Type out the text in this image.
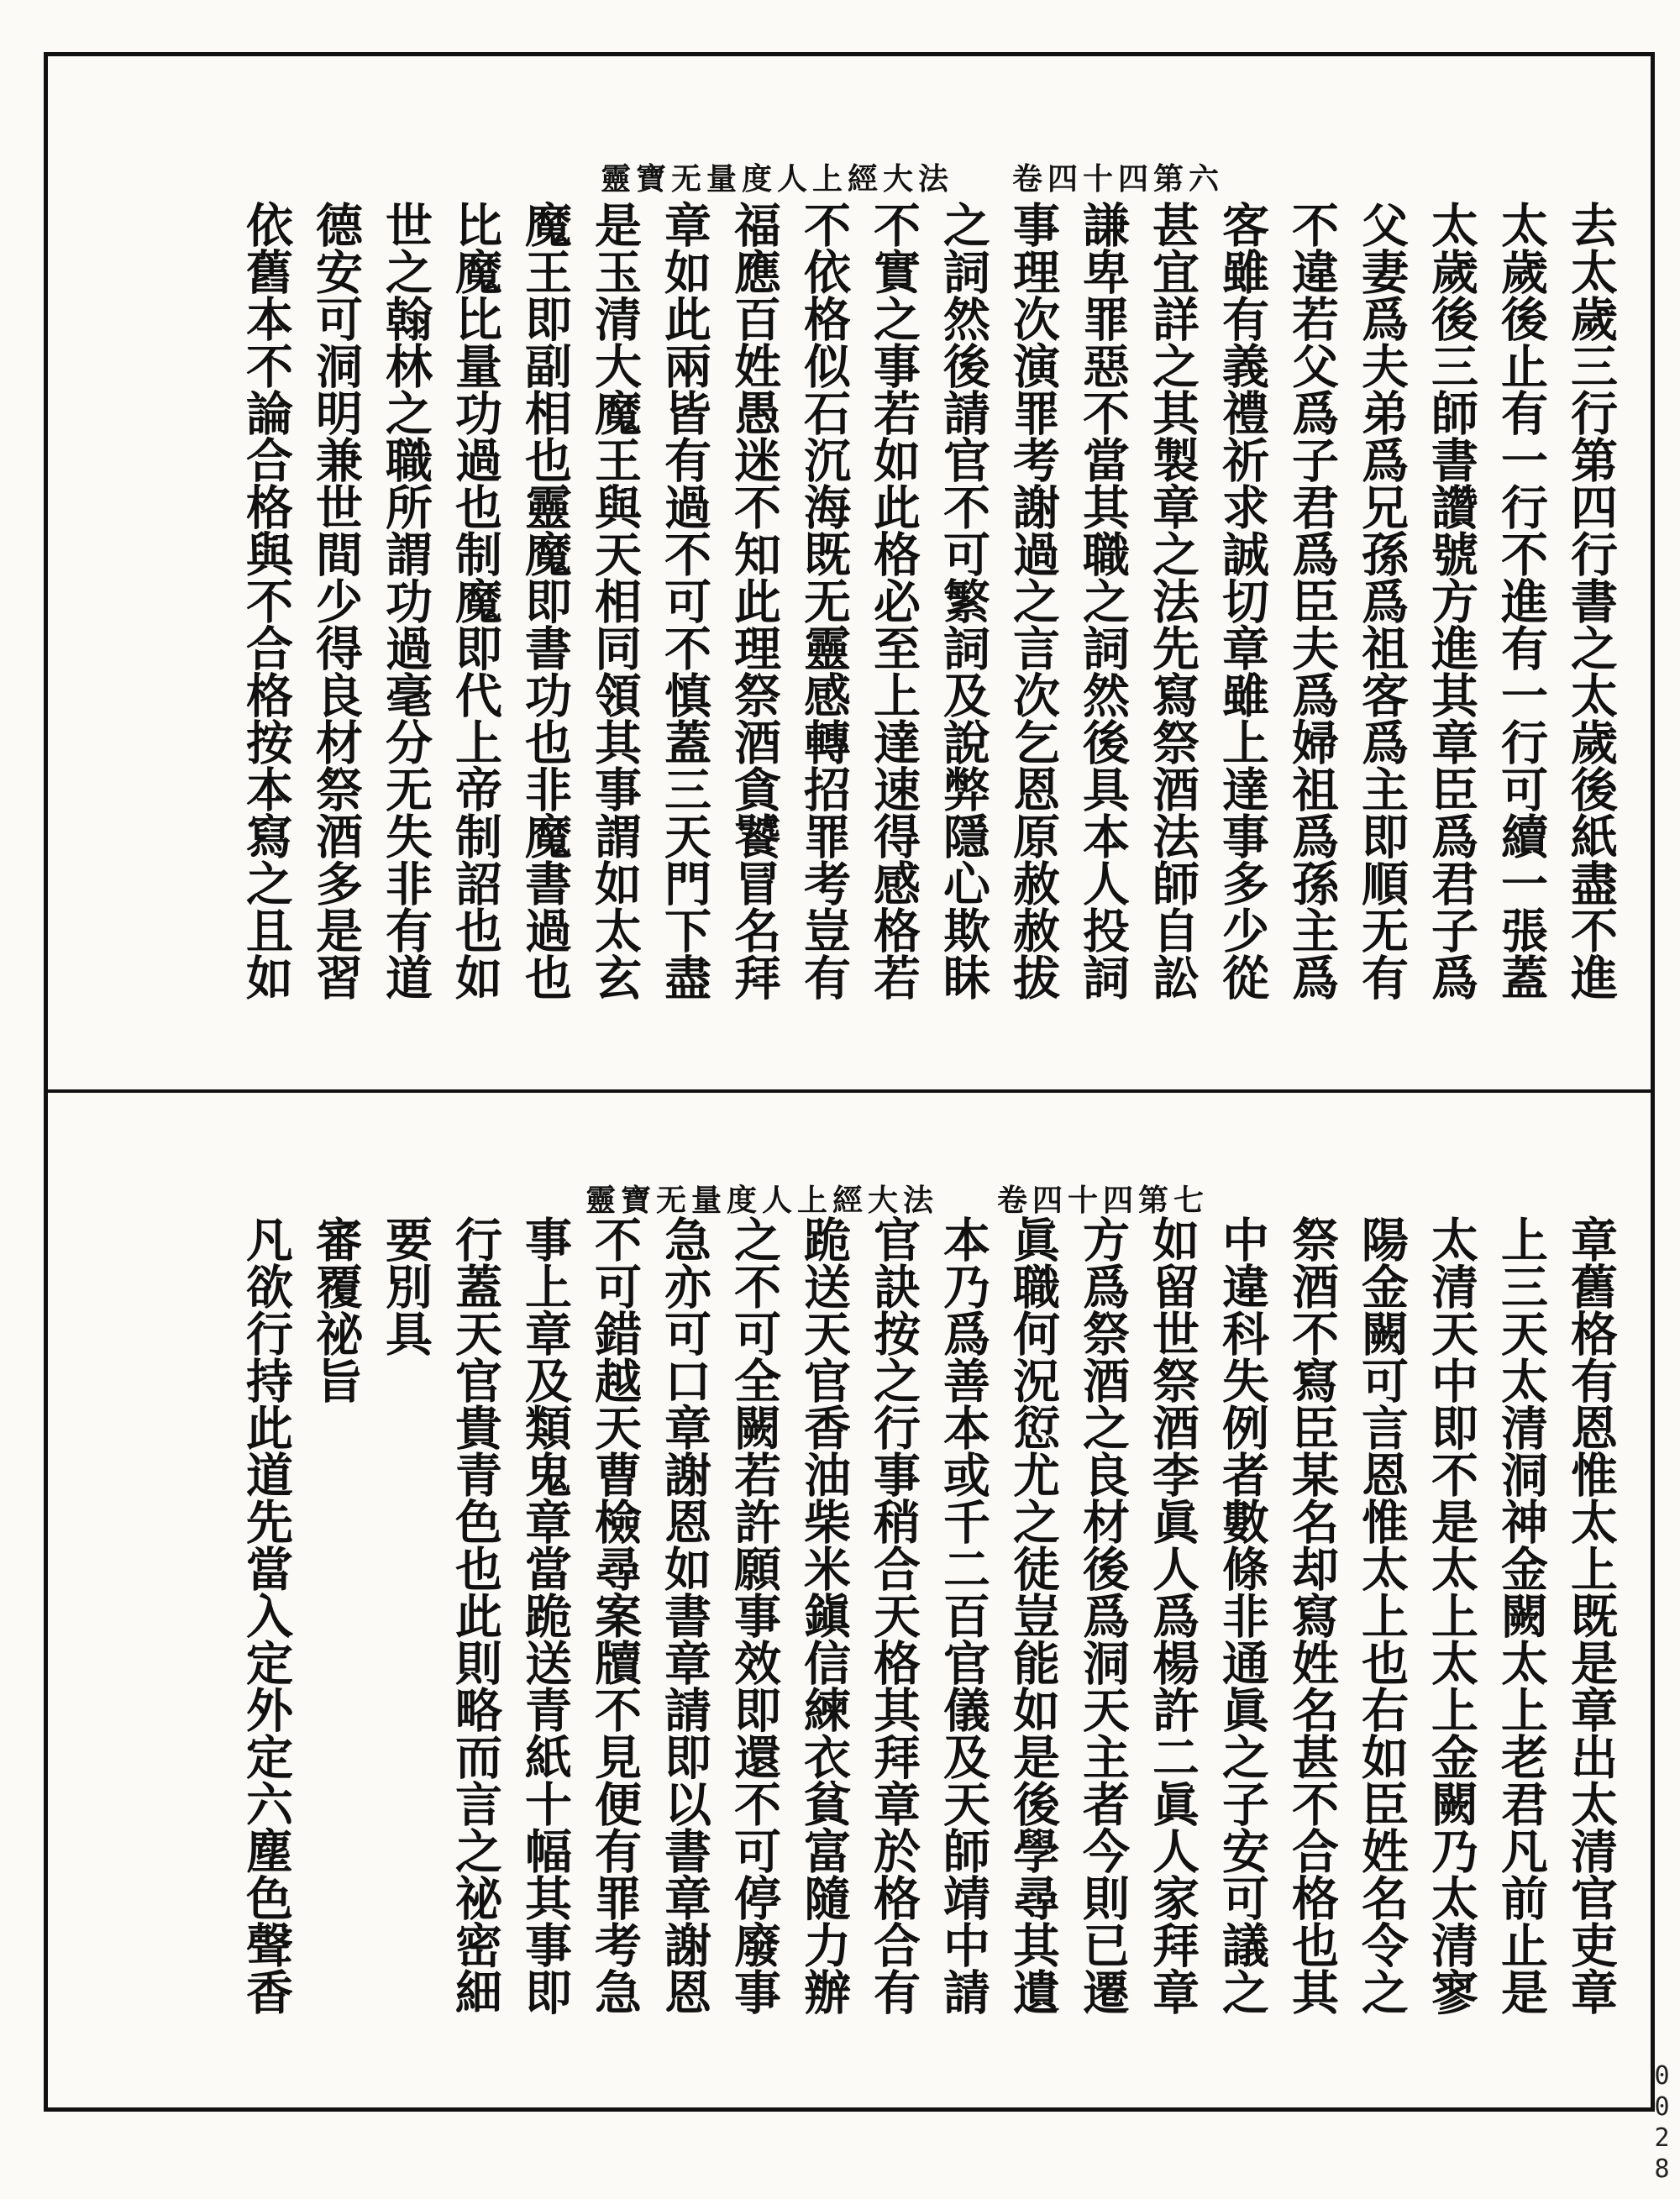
靈寶无量度人上經大法 卷四十四第六
去太歲三行第四行書之太歲後紙盡不進
太歲後止有一行不進有一行可續一張蓋
太歲後三師書讚號方進其章臣爲君子爲
父妻爲夫弟爲兄孫爲祖客爲主即順无有
不違若父爲子君爲臣夫爲婦祖爲孫主爲
客雖有義禮祈求誠切章雖上達事多少從
甚宜詳之其製章之法先寫祭酒法師自訟
謙卑罪惡不當其職之詞然後具本人投詞
事理次演罪考謝過之言次乞恩原赦赦拔
之詞然後請官不可繁詞及說弊隱心欺眛
不實之事若如此格必至上達速得感格若
不依格似石沉海既无靈感轉招罪考豈有
福應百姓愚迷不知此理祭酒貪饕冒名拜
章如此兩皆有過不可不慎蓋三天門下盡
是玉清大魔王與天相同領其事謂如太玄
魔王即副相也靈魔即書功也非魔書過也
比魔比量功過也制魔即代上帝制詔也如
世之翰林之職所謂功過毫分无失非有道
德安可洞明兼世間少得良材祭酒多是習
依舊本不論合格與不合格按本寫之且如
靈寶无量度人上經大法 卷四十四第七
章舊格有恩惟太上既是章出太清官吏章
上三天太清洞神金闕太上老君凡前止是
太清天中即不是太上太上金闕乃太清寥
陽金闕可言恩惟太上也右如臣姓名令之
祭酒不寫臣某名却寫姓名甚不合格也其
中違科失例者數條非通眞之子安可議之
如留世祭酒李眞人爲楊許二眞人家拜章
方爲祭酒之良材後爲洞天主者今則已遷
眞職何況愆尤之徒豈能如是後學尋其遺
本乃爲善本或千二百官儀及天師靖中請
官訣按之行事稍合天格其拜章於格合有
跪送天官香油柴米鎭信練衣貧富隨力辦
之不可全闕若許願事效即還不可停廢事
急亦可口章謝恩如書章請即以書章謝恩
不可錯越天曹檢尋案牘不見便有罪考急
事上章及類鬼章當跪送青紙十幅其事即
行蓋天官貴青色也此則略而言之祕密細
要別具
審覆祕旨
凡欲行持此道先當入定外定六塵色聲香
0028
